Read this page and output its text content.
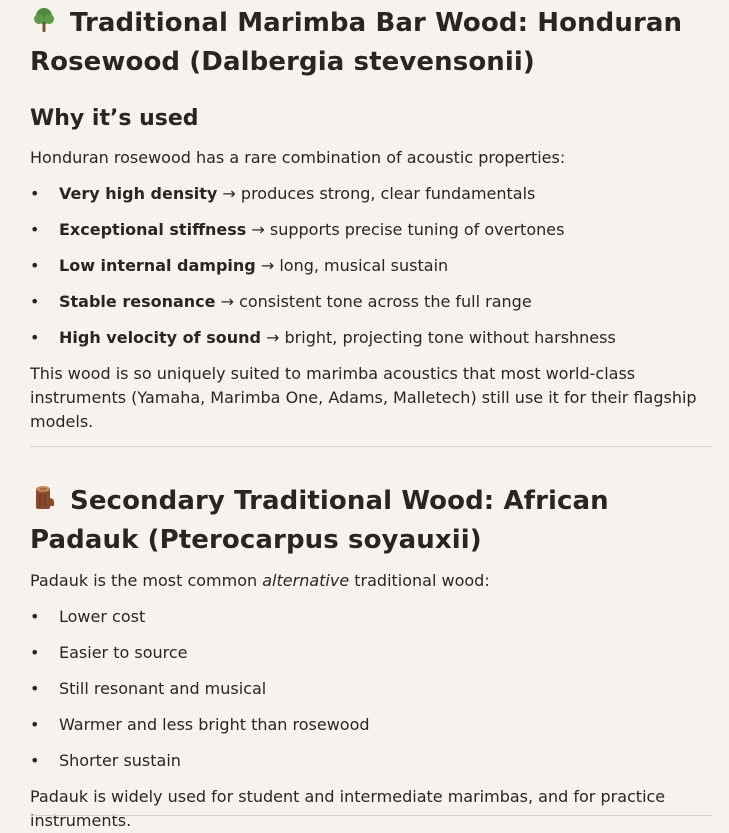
Traditional Marimba Bar Wood: Honduran Rosewood (Dalbergia stevensonii)
Why it’s used

Honduran rosewood has a rare combination of acoustic properties:

• Very high density → produces strong, clear fundamentals
• Exceptional stiffness → supports precise tuning of overtones
• Low internal damping → long, musical sustain
• Stable resonance → consistent tone across the full range
• High velocity of sound → bright, projecting tone without harshness

This wood is so uniquely suited to marimba acoustics that most world-class instruments (Yamaha, Marimba One, Adams, Malletech) still use it for their flagship models.

Secondary Traditional Wood: African Padauk (Pterocarpus soyauxii)

Padauk is the most common alternative traditional wood:

• Lower cost
• Easier to source
• Still resonant and musical
• Warmer and less bright than rosewood
• Shorter sustain

Padauk is widely used for student and intermediate marimbas, and for practice instruments.
